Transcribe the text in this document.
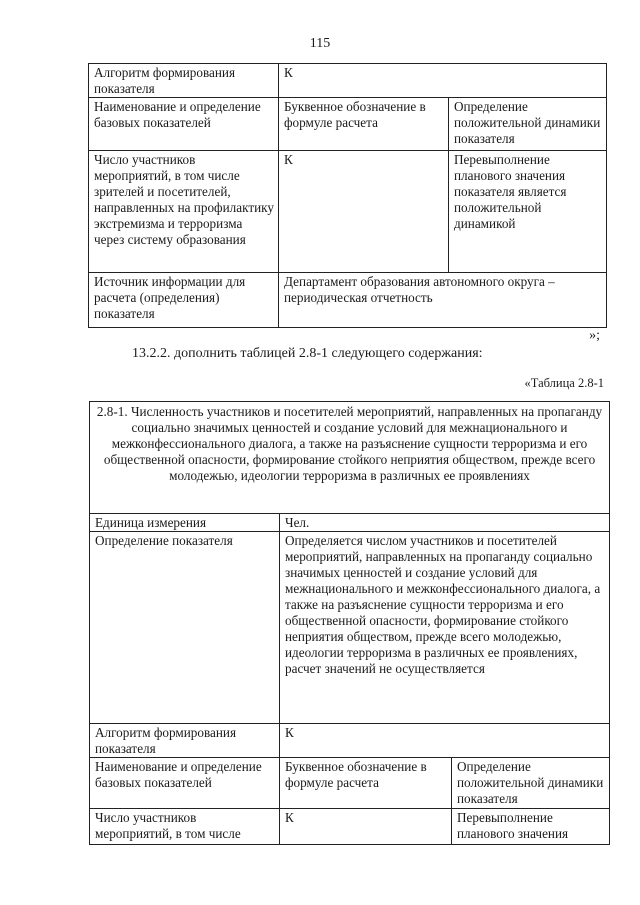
115
Алгоритм формирования показателя	К	
Наименование и определение базовых показателей	Буквенное обозначение в формуле расчета	Определение положительной динамики показателя
Число участников мероприятий, в том числе зрителей и посетителей, направленных на профилактику экстремизма и терроризма через систему образования	К	Перевыполнение планового значения показателя является положительной динамикой
Источник информации для расчета (определения) показателя	Департамент образования автономного округа – периодическая отчетность	
»;
13.2.2. дополнить таблицей 2.8-1 следующего содержания:
«Таблица 2.8-1
2.8-1. Численность участников и посетителей мероприятий, направленных на пропаганду социально значимых ценностей и создание условий для межнационального и межконфессионального диалога, а также на разъяснение сущности терроризма и его общественной опасности, формирование стойкого неприятия обществом, прежде всего молодежью, идеологии терроризма в различных ее проявлениях		
Единица измерения	Чел.	
Определение показателя	Определяется числом участников и посетителей мероприятий, направленных на пропаганду социально значимых ценностей и создание условий для межнационального и межконфессионального диалога, а также на разъяснение сущности терроризма и его общественной опасности, формирование стойкого неприятия обществом, прежде всего молодежью, идеологии терроризма в различных ее проявлениях, расчет значений не осуществляется	
Алгоритм формирования показателя	К	
Наименование и определение базовых показателей	Буквенное обозначение в формуле расчета	Определение положительной динамики показателя
Число участников мероприятий, в том числе	К	Перевыполнение планового значения
